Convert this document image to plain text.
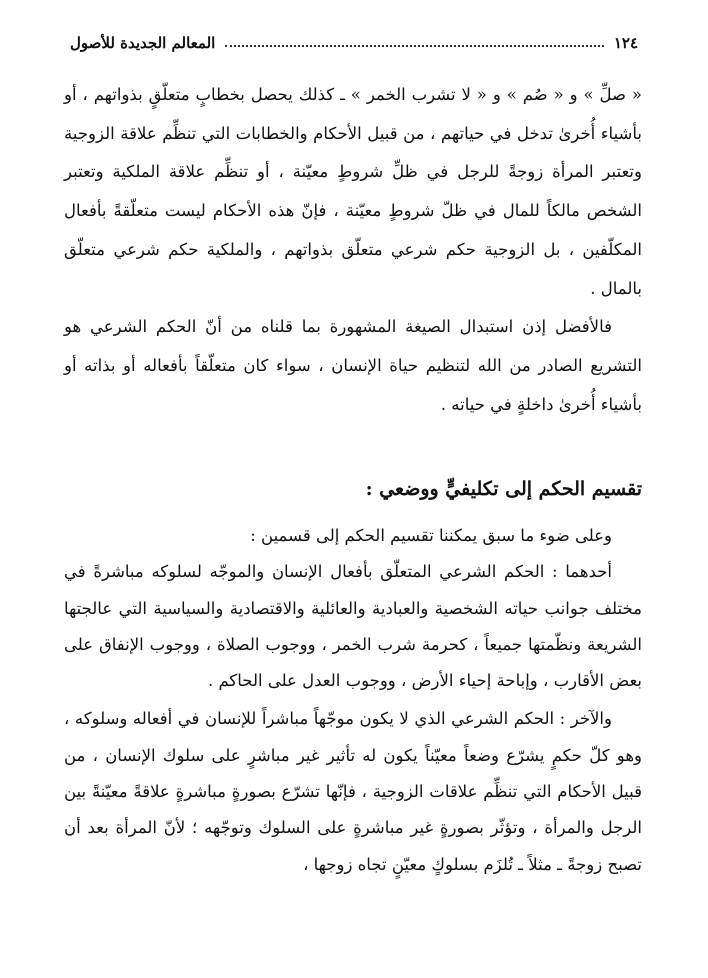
١٢٤
المعالم الجديدة للأصول

« صلِّ » و « صُم » و « لا تشرب الخمر » ـ كذلك يحصل بخطابٍ متعلّقٍ بذواتهم ، أو بأشياء أُخرىٰ تدخل في حياتهم ، من قبيل الأحكام والخطابات التي تنظِّم علاقة الزوجية وتعتبر المرأة زوجةً للرجل في ظلِّ شروطٍ معيّنة ، أو تنظِّم علاقة الملكية وتعتبر الشخص مالكاً للمال في ظلّ شروطٍ معيّنة ، فإنّ هذه الأحكام ليست متعلّقةً بأفعال المكلّفين ، بل الزوجية حكم شرعي متعلّق بذواتهم ، والملكية حكم شرعي متعلّق بالمال .

فالأفضل إذن استبدال الصيغة المشهورة بما قلناه من أنّ الحكم الشرعي هو التشريع الصادر من الله لتنظيم حياة الإنسان ، سواء كان متعلّقاً بأفعاله أو بذاته أو بأشياء أُخرىٰ داخلةٍ في حياته .

تقسيم الحكم إلى تكليفيٍّ ووضعي :

وعلى ضوء ما سبق يمكننا تقسيم الحكم إلى قسمين :

أحدهما : الحكم الشرعي المتعلّق بأفعال الإنسان والموجّه لسلوكه مباشرةً في مختلف جوانب حياته الشخصية والعبادية والعائلية والاقتصادية والسياسية التي عالجتها الشريعة ونظّمتها جميعاً ، كحرمة شرب الخمر ، ووجوب الصلاة ، ووجوب الإنفاق على بعض الأقارب ، وإباحة إحياء الأرض ، ووجوب العدل على الحاكم .

والآخر : الحكم الشرعي الذي لا يكون موجّهاً مباشراً للإنسان في أفعاله وسلوكه ، وهو كلّ حكمٍ يشرّع وضعاً معيّناً يكون له تأثير غير مباشرٍ على سلوك الإنسان ، من قبيل الأحكام التي تنظِّم علاقات الزوجية ، فإنّها تشرّع بصورةٍ مباشرةٍ علاقةً معيّنةً بين الرجل والمرأة ، وتؤثّر بصورةٍ غير مباشرةٍ على السلوك وتوجّهه ؛ لأنّ المرأة بعد أن تصبح زوجةً ـ مثلاً ـ تُلزَم بسلوكٍ معيّنٍ تجاه زوجها ،
